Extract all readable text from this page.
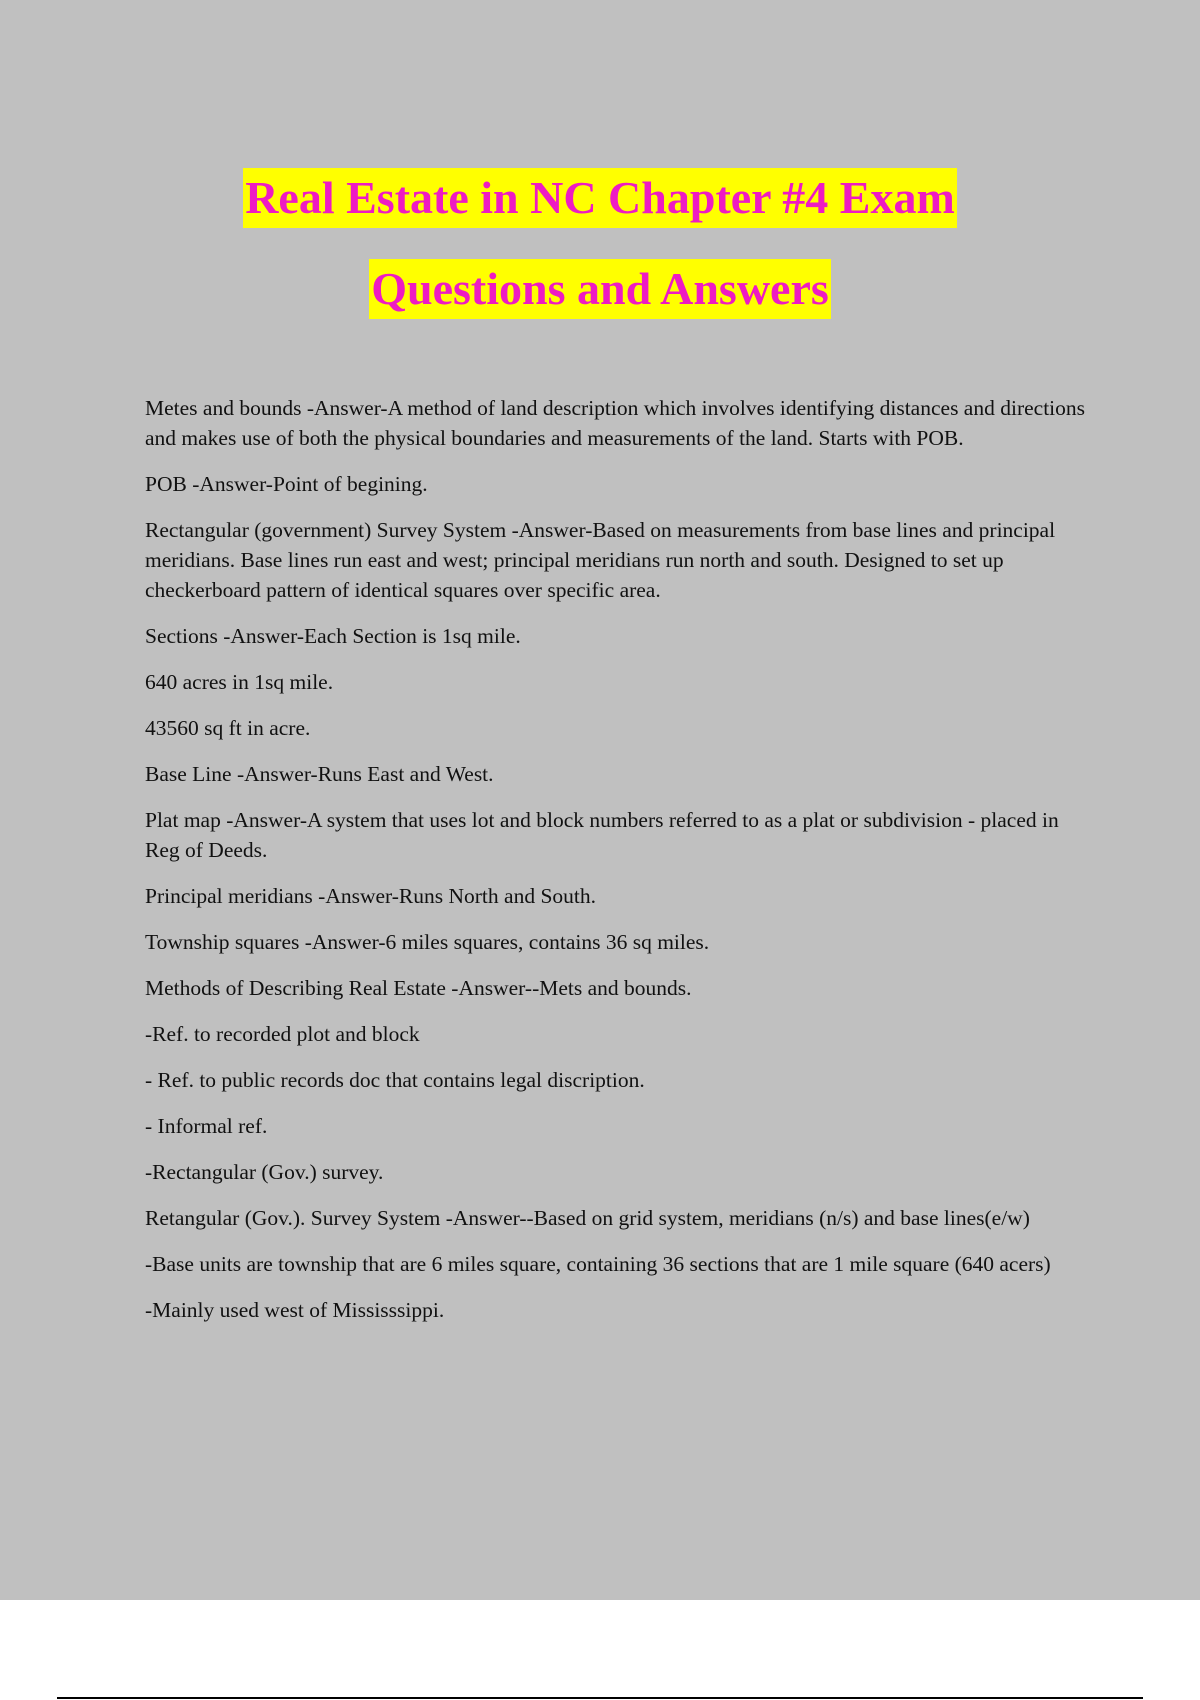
Real Estate in NC Chapter #4 Exam
Questions and Answers

Metes and bounds -Answer-A method of land description which involves identifying distances and directions and makes use of both the physical boundaries and measurements of the land. Starts with POB.

POB -Answer-Point of begining.

Rectangular (government) Survey System -Answer-Based on measurements from base lines and principal meridians. Base lines run east and west; principal meridians run north and south. Designed to set up checkerboard pattern of identical squares over specific area.

Sections -Answer-Each Section is 1sq mile.

640 acres in 1sq mile.

43560 sq ft in acre.

Base Line -Answer-Runs East and West.

Plat map -Answer-A system that uses lot and block numbers referred to as a plat or subdivision - placed in Reg of Deeds.

Principal meridians -Answer-Runs North and South.

Township squares -Answer-6 miles squares, contains 36 sq miles.

Methods of Describing Real Estate -Answer--Mets and bounds.

-Ref. to recorded plot and block

- Ref. to public records doc that contains legal discription.

- Informal ref.

-Rectangular (Gov.) survey.

Retangular (Gov.). Survey System -Answer--Based on grid system, meridians (n/s) and base lines(e/w)

-Base units are township that are 6 miles square, containing 36 sections that are 1 mile square (640 acers)

-Mainly used west of Mississsippi.
